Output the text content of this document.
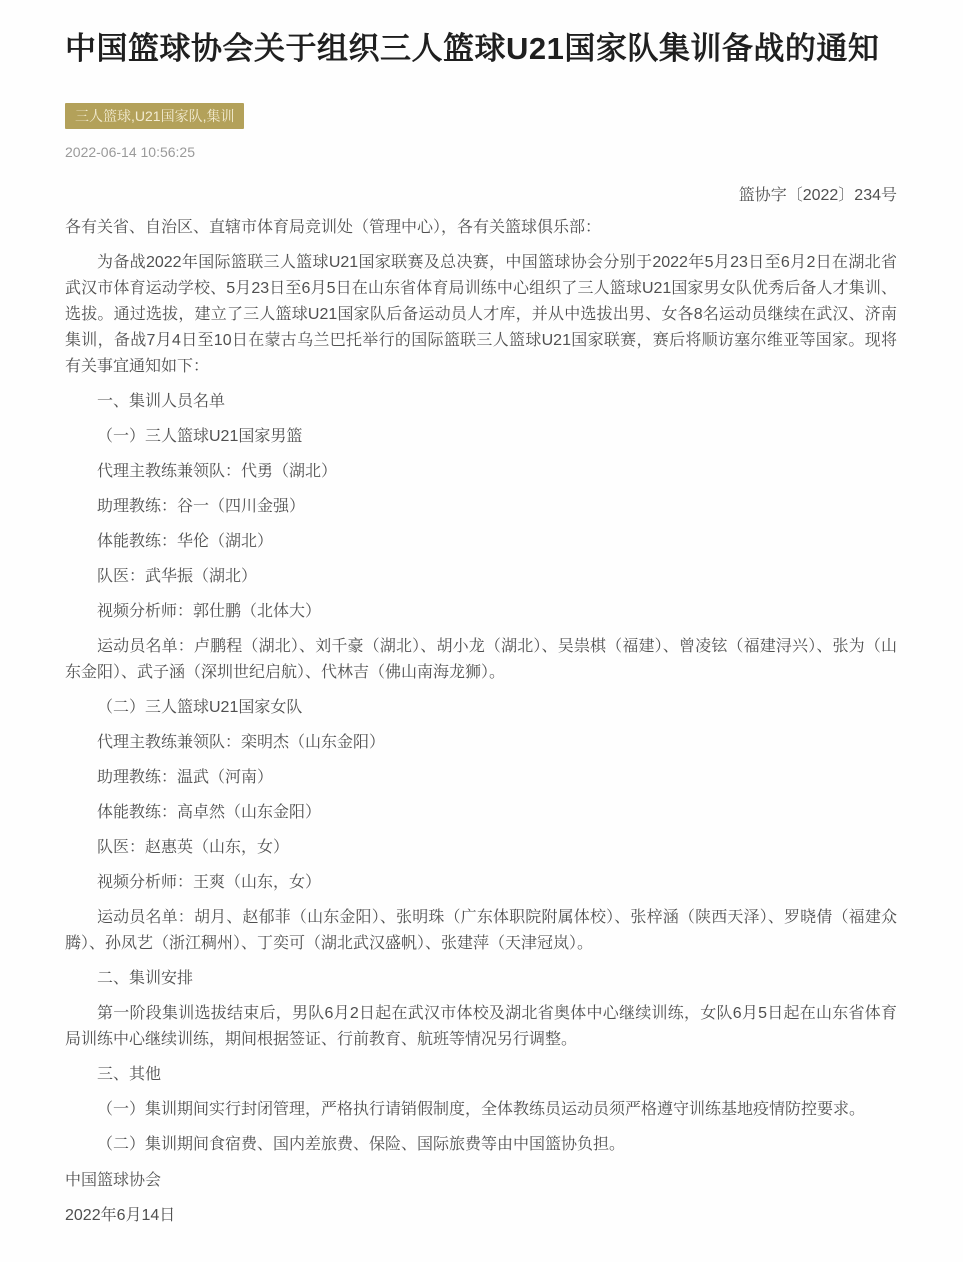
中国篮球协会关于组织三人篮球U21国家队集训备战的通知
三人篮球,U21国家队,集训
2022-06-14 10:56:25
篮协字〔2022〕234号

各有关省、自治区、直辖市体育局竞训处（管理中心），各有关篮球俱乐部：

为备战2022年国际篮联三人篮球U21国家联赛及总决赛，中国篮球协会分别于2022年5月23日至6月2日在湖北省武汉市体育运动学校、5月23日至6月5日在山东省体育局训练中心组织了三人篮球U21国家男女队优秀后备人才集训、选拔。通过选拔，建立了三人篮球U21国家队后备运动员人才库，并从中选拔出男、女各8名运动员继续在武汉、济南集训，备战7月4日至10日在蒙古乌兰巴托举行的国际篮联三人篮球U21国家联赛，赛后将顺访塞尔维亚等国家。现将有关事宜通知如下：

一、集训人员名单

（一）三人篮球U21国家男篮

代理主教练兼领队：代勇（湖北）

助理教练：谷一（四川金强）

体能教练：华伦（湖北）

队医：武华振（湖北）

视频分析师：郭仕鹏（北体大）

运动员名单：卢鹏程（湖北）、刘千豪（湖北）、胡小龙（湖北）、吴祟棋（福建）、曾凌铉（福建浔兴）、张为（山东金阳）、武子涵（深圳世纪启航）、代林吉（佛山南海龙狮）。

（二）三人篮球U21国家女队

代理主教练兼领队：栾明杰（山东金阳）

助理教练：温武（河南）

体能教练：高卓然（山东金阳）

队医：赵惠英（山东，女）

视频分析师：王爽（山东，女）

运动员名单：胡月、赵郁菲（山东金阳）、张明珠（广东体职院附属体校）、张梓涵（陕西天泽）、罗晓倩（福建众腾）、孙凤艺（浙江稠州）、丁奕可（湖北武汉盛帆）、张建萍（天津冠岚）。

二、集训安排

第一阶段集训选拔结束后，男队6月2日起在武汉市体校及湖北省奥体中心继续训练，女队6月5日起在山东省体育局训练中心继续训练，期间根据签证、行前教育、航班等情况另行调整。

三、其他

（一）集训期间实行封闭管理，严格执行请销假制度，全体教练员运动员须严格遵守训练基地疫情防控要求。

（二）集训期间食宿费、国内差旅费、保险、国际旅费等由中国篮协负担。

中国篮球协会

2022年6月14日
